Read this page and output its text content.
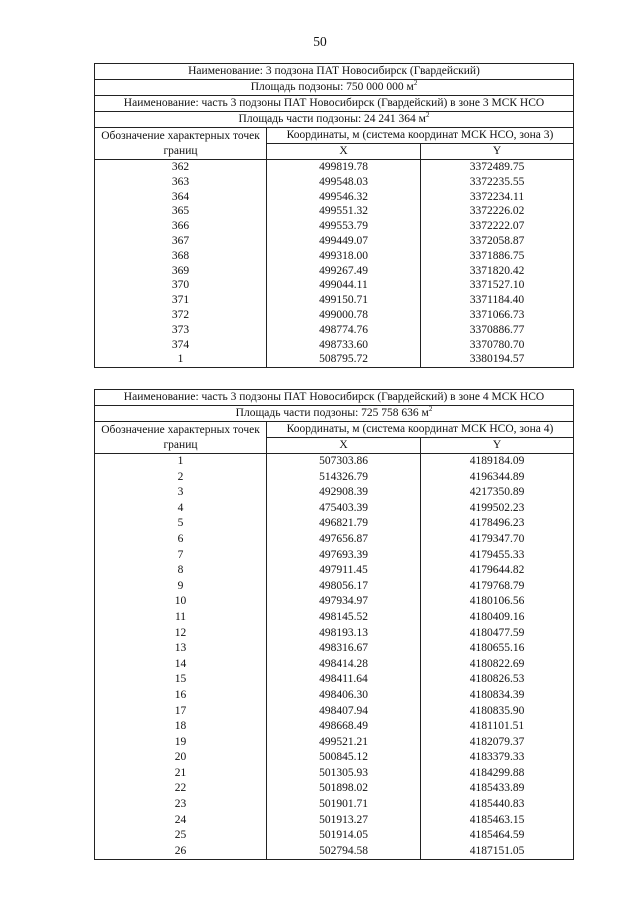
50
Наименование: 3 подзона ПАТ Новосибирск (Гвардейский)		
Площадь подзоны: 750 000 000 $м^2$
Наименование: часть 3 подзоны ПАТ Новосибирск (Гвардейский) в зоне 3 МСК НСО		
Площадь части подзоны: 24 241 364 $м^2$
Обозначение характерных точек границ	Координаты, м (система координат МСК НСО, зона 3)	
	X	Y
362	499819.78	3372489.75
363	499548.03	3372235.55
364	499546.32	3372234.11
365	499551.32	3372226.02
366	499553.79	3372222.07
367	499449.07	3372058.87
368	499318.00	3371886.75
369	499267.49	3371820.42
370	499044.11	3371527.10
371	499150.71	3371184.40
372	499000.78	3371066.73
373	498774.76	3370886.77
374	498733.60	3370780.70
1	508795.72	3380194.57
Наименование: часть 3 подзоны ПАТ Новосибирск (Гвардейский) в зоне 4 МСК НСО		
Площадь части подзоны: 725 758 636 $м^2$
Обозначение характерных точек границ	Координаты, м (система координат МСК НСО, зона 4)	
	X	Y
1	507303.86	4189184.09
2	514326.79	4196344.89
3	492908.39	4217350.89
4	475403.39	4199502.23
5	496821.79	4178496.23
6	497656.87	4179347.70
7	497693.39	4179455.33
8	497911.45	4179644.82
9	498056.17	4179768.79
10	497934.97	4180106.56
11	498145.52	4180409.16
12	498193.13	4180477.59
13	498316.67	4180655.16
14	498414.28	4180822.69
15	498411.64	4180826.53
16	498406.30	4180834.39
17	498407.94	4180835.90
18	498668.49	4181101.51
19	499521.21	4182079.37
20	500845.12	4183379.33
21	501305.93	4184299.88
22	501898.02	4185433.89
23	501901.71	4185440.83
24	501913.27	4185463.15
25	501914.05	4185464.59
26	502794.58	4187151.05
